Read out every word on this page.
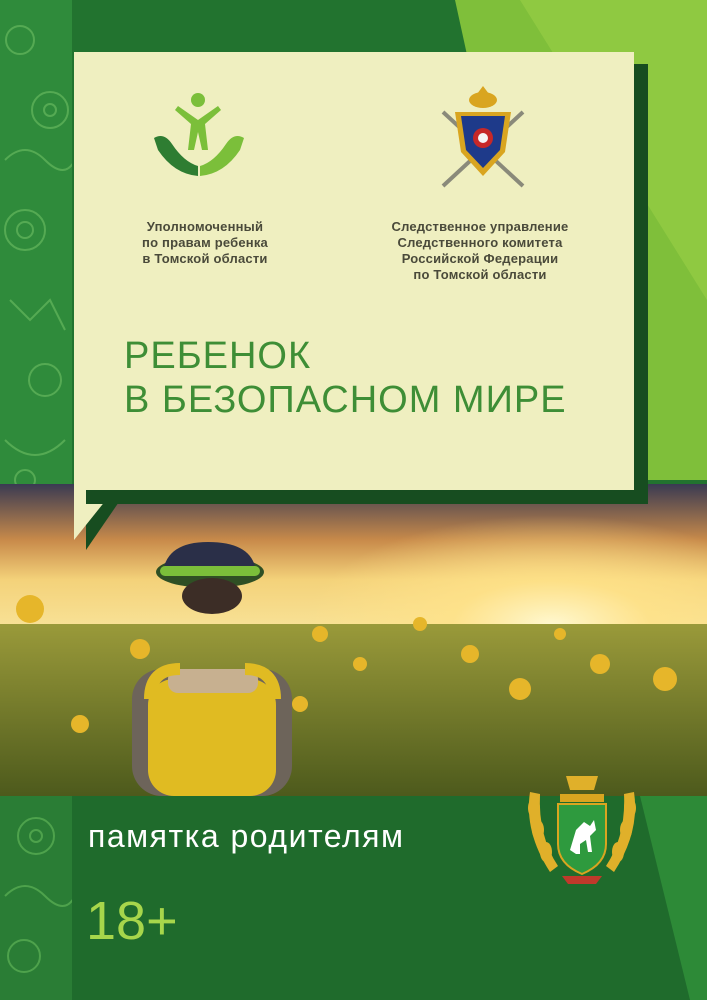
Уполномоченный
по правам ребенка
в Томской области
Следственное управление
Следственного комитета
Российской Федерации
по Томской области
РЕБЕНОК
В БЕЗОПАСНОМ МИРЕ
памятка родителям
18+
